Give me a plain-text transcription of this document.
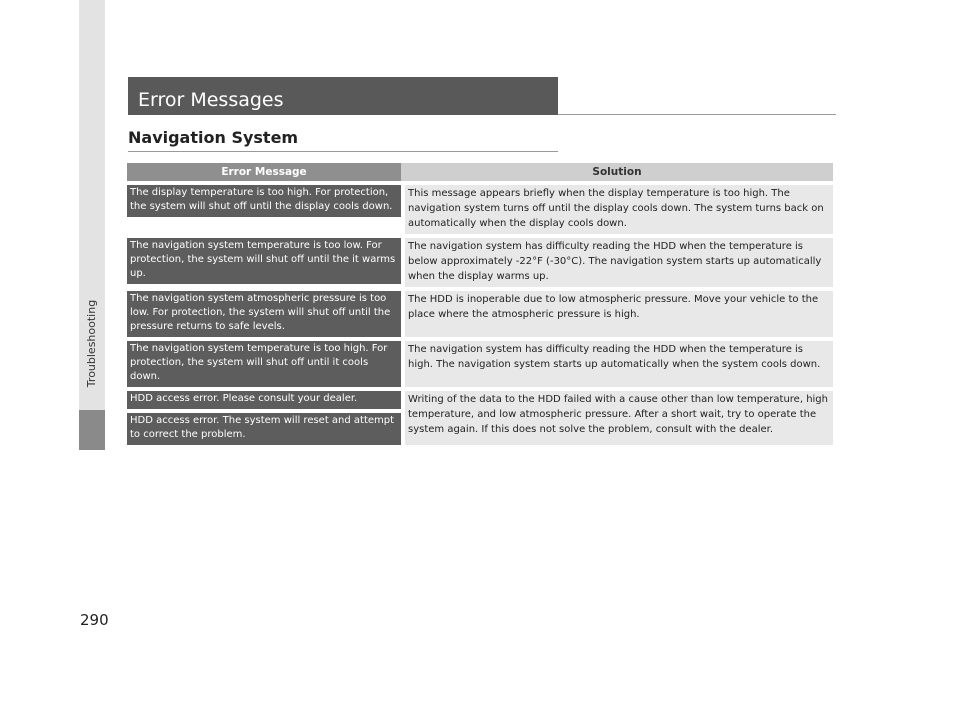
Troubleshooting
Error Messages
Navigation System
Error Message	Solution
The display temperature is too high. For protection, the system will shut off until the display cools down.
This message appears briefly when the display temperature is too high. The navigation system turns off until the display cools down. The system turns back on automatically when the display cools down.
The navigation system temperature is too low. For protection, the system will shut off until the it warms up.
The navigation system has difficulty reading the HDD when the temperature is below approximately -22°F (-30°C). The navigation system starts up automatically when the display warms up.
The navigation system atmospheric pressure is too low. For protection, the system will shut off until the pressure returns to safe levels.
The HDD is inoperable due to low atmospheric pressure. Move your vehicle to the place where the atmospheric pressure is high.
The navigation system temperature is too high. For protection, the system will shut off until it cools down.
The navigation system has difficulty reading the HDD when the temperature is high. The navigation system starts up automatically when the system cools down.
HDD access error. Please consult your dealer.
HDD access error. The system will reset and attempt to correct the problem.
Writing of the data to the HDD failed with a cause other than low temperature, high temperature, and low atmospheric pressure. After a short wait, try to operate the system again. If this does not solve the problem, consult with the dealer.
290
